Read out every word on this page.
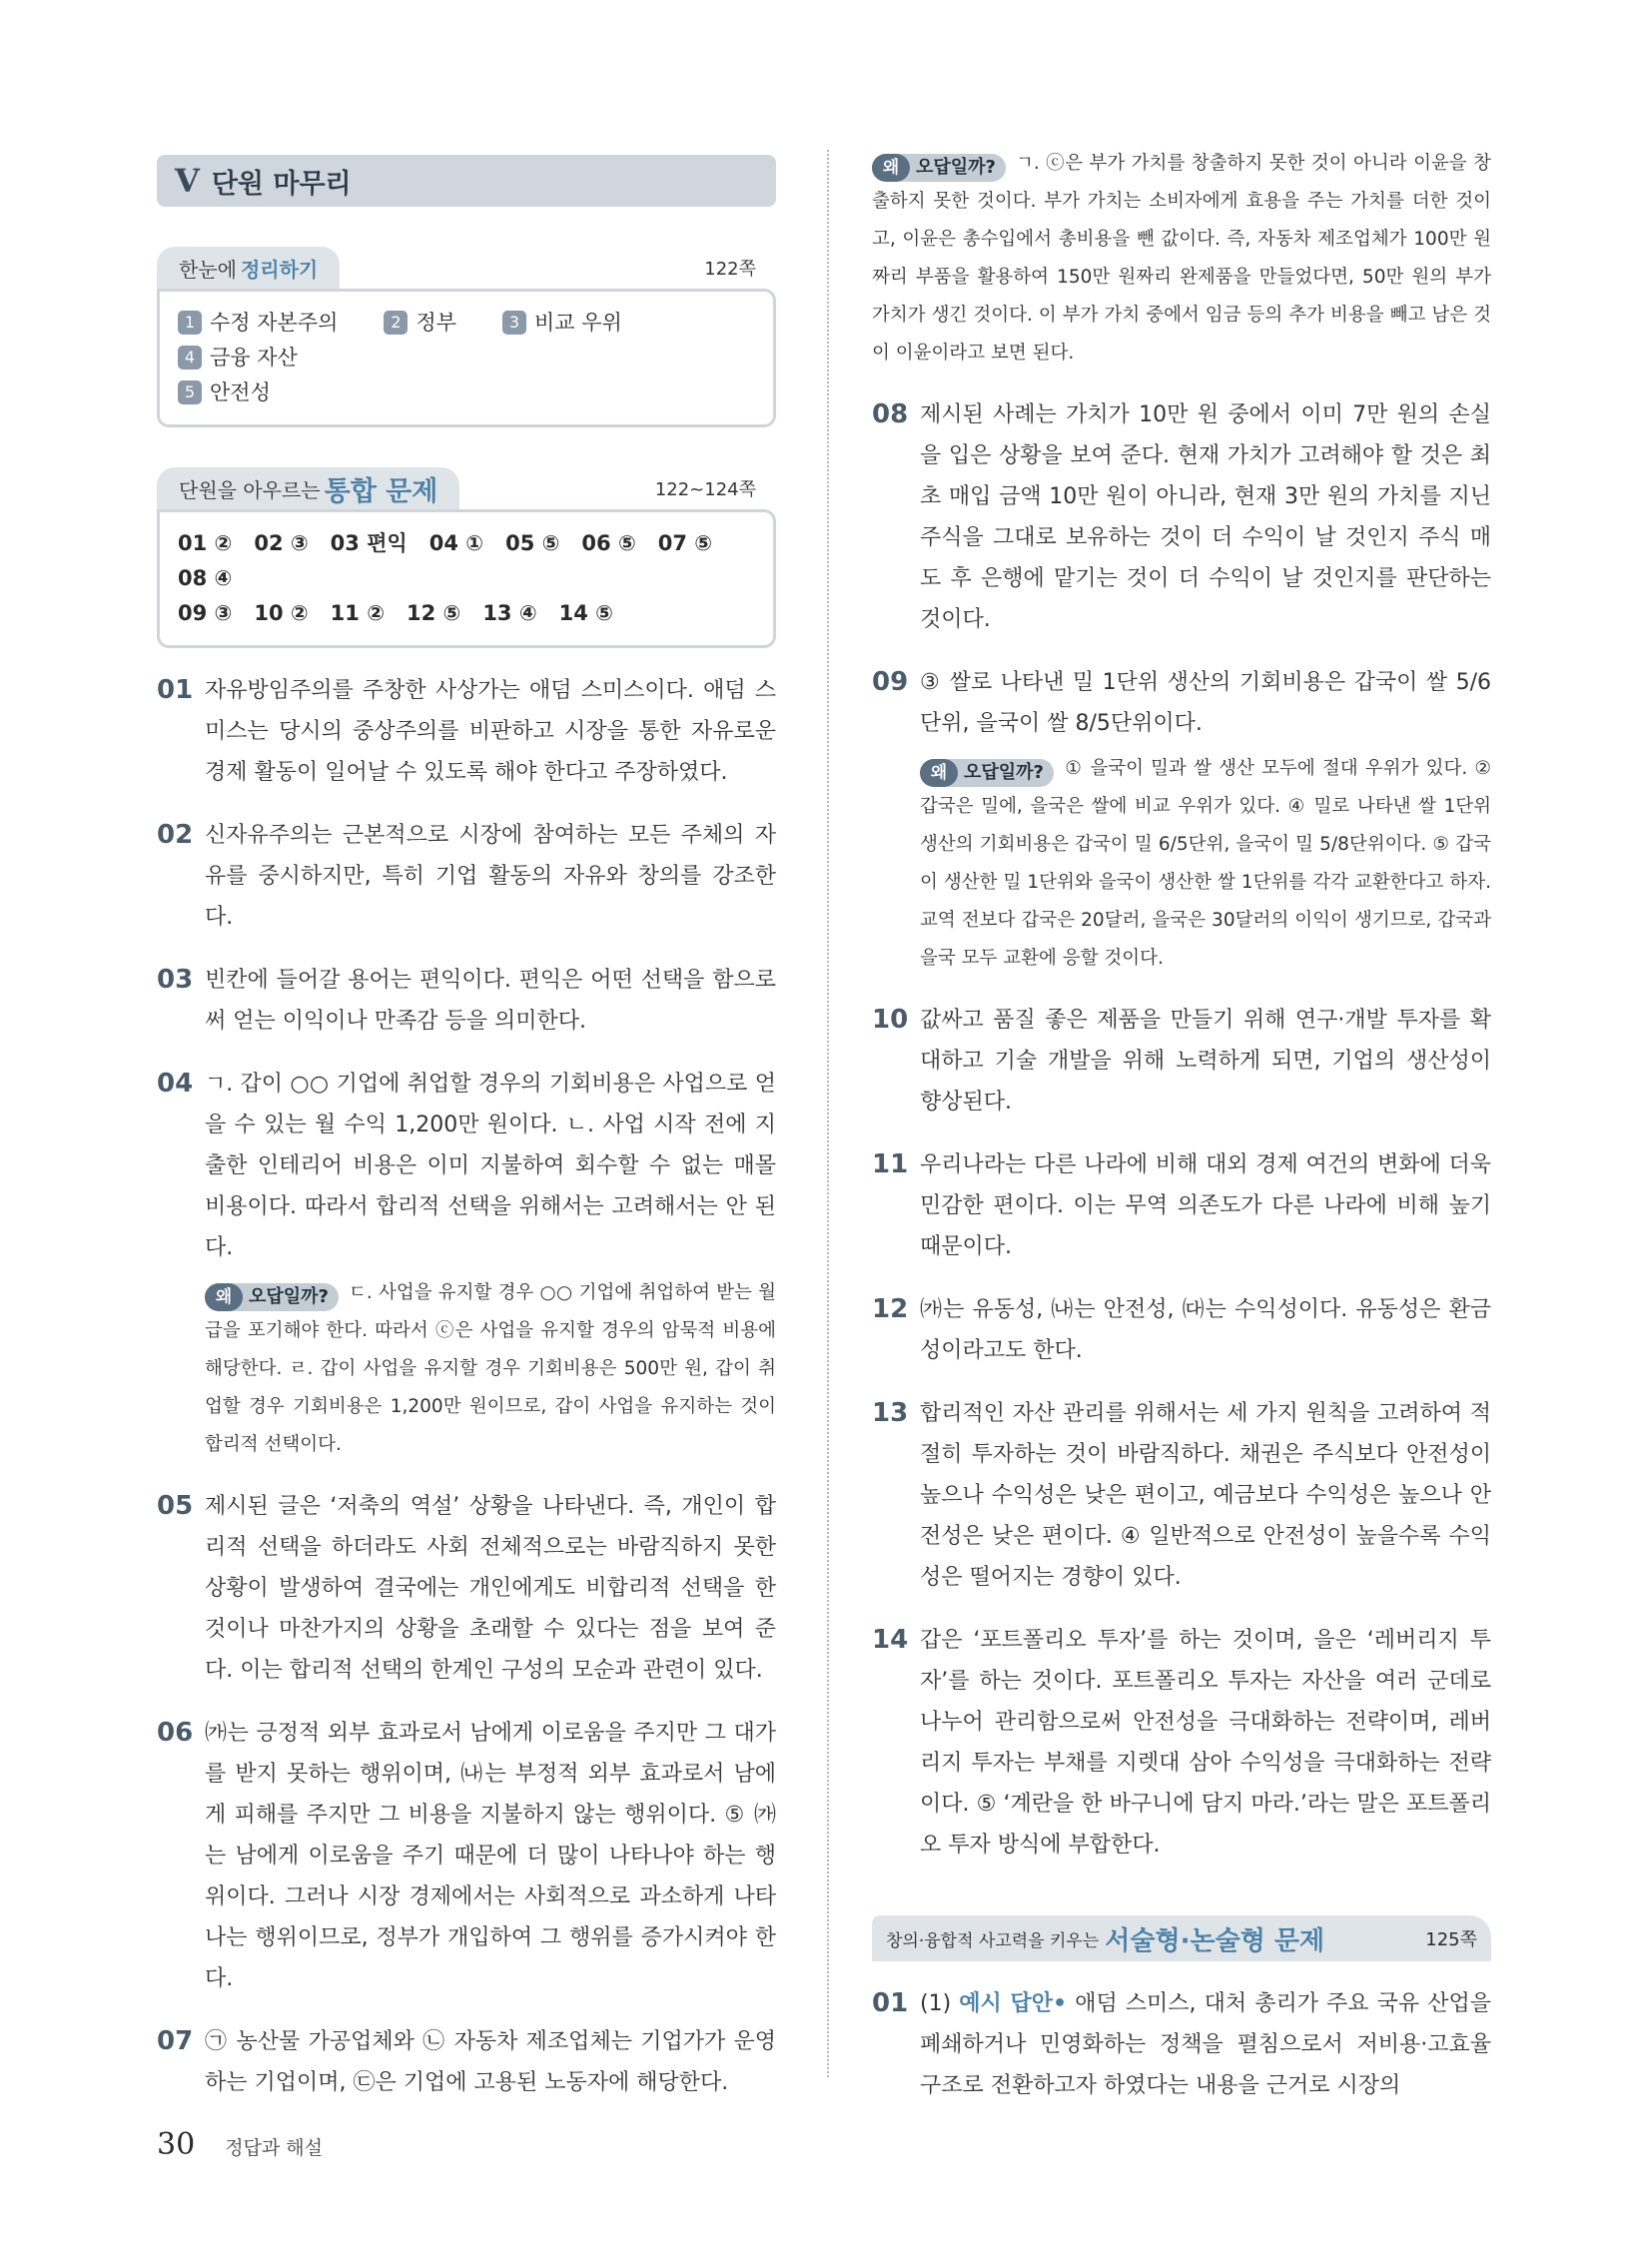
V 단원 마무리
한눈에 정리하기	122쪽
1 수정 자본주의	2 정부	3 비교 우위4 금융 자산
5 안전성
단원을 아우르는 통합 문제	122~124쪽
01 ② 02 ③ 03 편익 04 ① 05 ⑤ 06 ⑤ 07 ⑤08 ④
09 ③ 10 ② 11 ② 12 ⑤ 13 ④ 14 ⑤
01 자유방임주의를 주창한 사상가는 애덤 스미스이다. 애덤 스미스는 당시의 중상주의를 비판하고 시장을 통한 자유로운 경제 활동이 일어날 수 있도록 해야 한다고 주장하였다.
02 신자유주의는 근본적으로 시장에 참여하는 모든 주체의 자유를 중시하지만, 특히 기업 활동의 자유와 창의를 강조한다.
03 빈칸에 들어갈 용어는 편익이다. 편익은 어떤 선택을 함으로써 얻는 이익이나 만족감 등을 의미한다.
04 ㄱ. 갑이 ○○ 기업에 취업할 경우의 기회비용은 사업으로 얻을 수 있는 월 수익 1,200만 원이다. ㄴ. 사업 시작 전에 지출한 인테리어 비용은 이미 지불하여 회수할 수 없는 매몰 비용이다. 따라서 합리적 선택을 위해서는 고려해서는 안 된다.
왜 오답일까? ㄷ. 사업을 유지할 경우 ○○ 기업에 취업하여 받는 월급을 포기해야 한다. 따라서 ⓒ은 사업을 유지할 경우의 암묵적 비용에 해당한다. ㄹ. 갑이 사업을 유지할 경우 기회비용은 500만 원, 갑이 취업할 경우 기회비용은 1,200만 원이므로, 갑이 사업을 유지하는 것이 합리적 선택이다.
05 제시된 글은 ‘저축의 역설’ 상황을 나타낸다. 즉, 개인이 합리적 선택을 하더라도 사회 전체적으로는 바람직하지 못한 상황이 발생하여 결국에는 개인에게도 비합리적 선택을 한 것이나 마찬가지의 상황을 초래할 수 있다는 점을 보여 준다. 이는 합리적 선택의 한계인 구성의 모순과 관련이 있다.
06 ㈎는 긍정적 외부 효과로서 남에게 이로움을 주지만 그 대가를 받지 못하는 행위이며, ㈏는 부정적 외부 효과로서 남에게 피해를 주지만 그 비용을 지불하지 않는 행위이다. ⑤ ㈎는 남에게 이로움을 주기 때문에 더 많이 나타나야 하는 행위이다. 그러나 시장 경제에서는 사회적으로 과소하게 나타나는 행위이므로, 정부가 개입하여 그 행위를 증가시켜야 한다.
07 ㉠ 농산물 가공업체와 ㉡ 자동차 제조업체는 기업가가 운영하는 기업이며, ㉢은 기업에 고용된 노동자에 해당한다.
왜 오답일까? ㄱ. ⓒ은 부가 가치를 창출하지 못한 것이 아니라 이윤을 창출하지 못한 것이다. 부가 가치는 소비자에게 효용을 주는 가치를 더한 것이고, 이윤은 총수입에서 총비용을 뺀 값이다. 즉, 자동차 제조업체가 100만 원짜리 부품을 활용하여 150만 원짜리 완제품을 만들었다면, 50만 원의 부가 가치가 생긴 것이다. 이 부가 가치 중에서 임금 등의 추가 비용을 빼고 남은 것이 이윤이라고 보면 된다.
08 제시된 사례는 가치가 10만 원 중에서 이미 7만 원의 손실을 입은 상황을 보여 준다. 현재 가치가 고려해야 할 것은 최초 매입 금액 10만 원이 아니라, 현재 3만 원의 가치를 지닌 주식을 그대로 보유하는 것이 더 수익이 날 것인지 주식 매도 후 은행에 맡기는 것이 더 수익이 날 것인지를 판단하는 것이다.
09 ③ 쌀로 나타낸 밀 1단위 생산의 기회비용은 갑국이 쌀 5/6단위, 을국이 쌀 8/5단위이다.
왜 오답일까? ① 을국이 밀과 쌀 생산 모두에 절대 우위가 있다. ② 갑국은 밀에, 을국은 쌀에 비교 우위가 있다. ④ 밀로 나타낸 쌀 1단위 생산의 기회비용은 갑국이 밀 6/5단위, 을국이 밀 5/8단위이다. ⑤ 갑국이 생산한 밀 1단위와 을국이 생산한 쌀 1단위를 각각 교환한다고 하자. 교역 전보다 갑국은 20달러, 을국은 30달러의 이익이 생기므로, 갑국과 을국 모두 교환에 응할 것이다.
10 값싸고 품질 좋은 제품을 만들기 위해 연구·개발 투자를 확대하고 기술 개발을 위해 노력하게 되면, 기업의 생산성이 향상된다.
11 우리나라는 다른 나라에 비해 대외 경제 여건의 변화에 더욱 민감한 편이다. 이는 무역 의존도가 다른 나라에 비해 높기 때문이다.
12 ㈎는 유동성, ㈏는 안전성, ㈐는 수익성이다. 유동성은 환금성이라고도 한다.
13 합리적인 자산 관리를 위해서는 세 가지 원칙을 고려하여 적절히 투자하는 것이 바람직하다. 채권은 주식보다 안전성이 높으나 수익성은 낮은 편이고, 예금보다 수익성은 높으나 안전성은 낮은 편이다. ④ 일반적으로 안전성이 높을수록 수익성은 떨어지는 경향이 있다.
14 갑은 ‘포트폴리오 투자’를 하는 것이며, 을은 ‘레버리지 투자’를 하는 것이다. 포트폴리오 투자는 자산을 여러 군데로 나누어 관리함으로써 안전성을 극대화하는 전략이며, 레버리지 투자는 부채를 지렛대 삼아 수익성을 극대화하는 전략이다. ⑤ ‘계란을 한 바구니에 담지 마라.’라는 말은 포트폴리오 투자 방식에 부합한다.
창의·융합적 사고력을 키우는 서술형·논술형 문제	125쪽
01 (1) 예시 답안• 애덤 스미스, 대처 총리가 주요 국유 산업을 폐쇄하거나 민영화하는 정책을 펼침으로서 저비용·고효율 구조로 전환하고자 하였다는 내용을 근거로 시장의
30 정답과 해설
